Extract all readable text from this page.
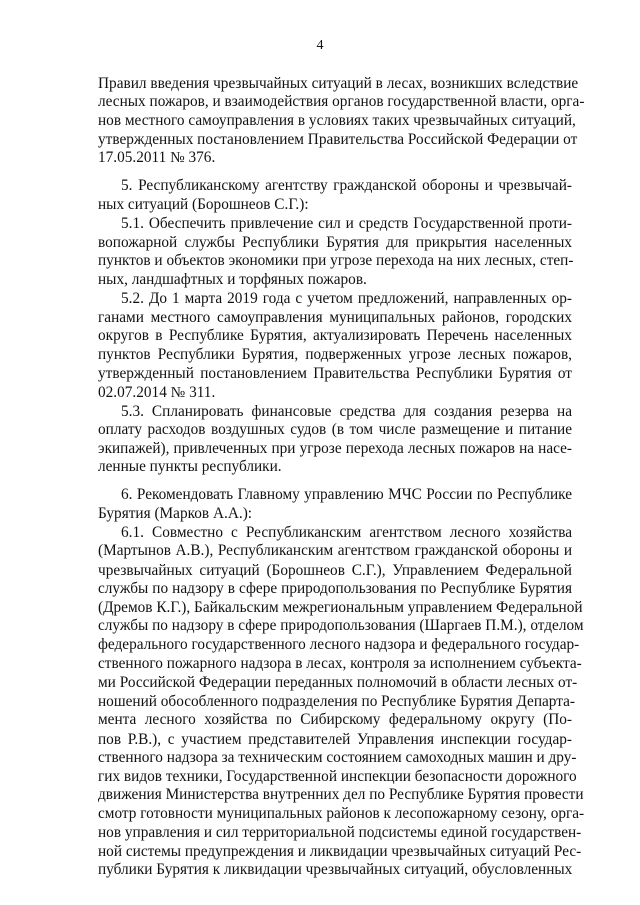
4
Правил введения чрезвычайных ситуаций в лесах, возникших вследствие
лесных пожаров, и взаимодействия органов государственной власти, орга-
нов местного самоуправления в условиях таких чрезвычайных ситуаций,
утвержденных постановлением Правительства Российской Федерации от
17.05.2011 № 376.
5. Республиканскому агентству гражданской обороны и чрезвычай-
ных ситуаций (Борошнеов С.Г.):
5.1. Обеспечить привлечение сил и средств Государственной проти-
вопожарной службы Республики Бурятия для прикрытия населенных
пунктов и объектов экономики при угрозе перехода на них лесных, степ-
ных, ландшафтных и торфяных пожаров.
5.2. До 1 марта 2019 года с учетом предложений, направленных ор-
ганами местного самоуправления муниципальных районов, городских
округов в Республике Бурятия, актуализировать Перечень населенных
пунктов Республики Бурятия, подверженных угрозе лесных пожаров,
утвержденный постановлением Правительства Республики Бурятия от
02.07.2014 № 311.
5.3. Спланировать финансовые средства для создания резерва на
оплату расходов воздушных судов (в том числе размещение и питание
экипажей), привлеченных при угрозе перехода лесных пожаров на насе-
ленные пункты республики.
6. Рекомендовать Главному управлению МЧС России по Республике
Бурятия (Марков А.А.):
6.1. Совместно с Республиканским агентством лесного хозяйства
(Мартынов А.В.), Республиканским агентством гражданской обороны и
чрезвычайных ситуаций (Борошнеов С.Г.), Управлением Федеральной
службы по надзору в сфере природопользования по Республике Бурятия
(Дремов К.Г.), Байкальским межрегиональным управлением Федеральной
службы по надзору в сфере природопользования (Шаргаев П.М.), отделом
федерального государственного лесного надзора и федерального государ-
ственного пожарного надзора в лесах, контроля за исполнением субъекта-
ми Российской Федерации переданных полномочий в области лесных от-
ношений обособленного подразделения по Республике Бурятия Департа-
мента лесного хозяйства по Сибирскому федеральному округу (По-
пов Р.В.), с участием представителей Управления инспекции государ-
ственного надзора за техническим состоянием самоходных машин и дру-
гих видов техники, Государственной инспекции безопасности дорожного
движения Министерства внутренних дел по Республике Бурятия провести
смотр готовности муниципальных районов к лесопожарному сезону, орга-
нов управления и сил территориальной подсистемы единой государствен-
ной системы предупреждения и ликвидации чрезвычайных ситуаций Рес-
публики Бурятия к ликвидации чрезвычайных ситуаций, обусловленных
